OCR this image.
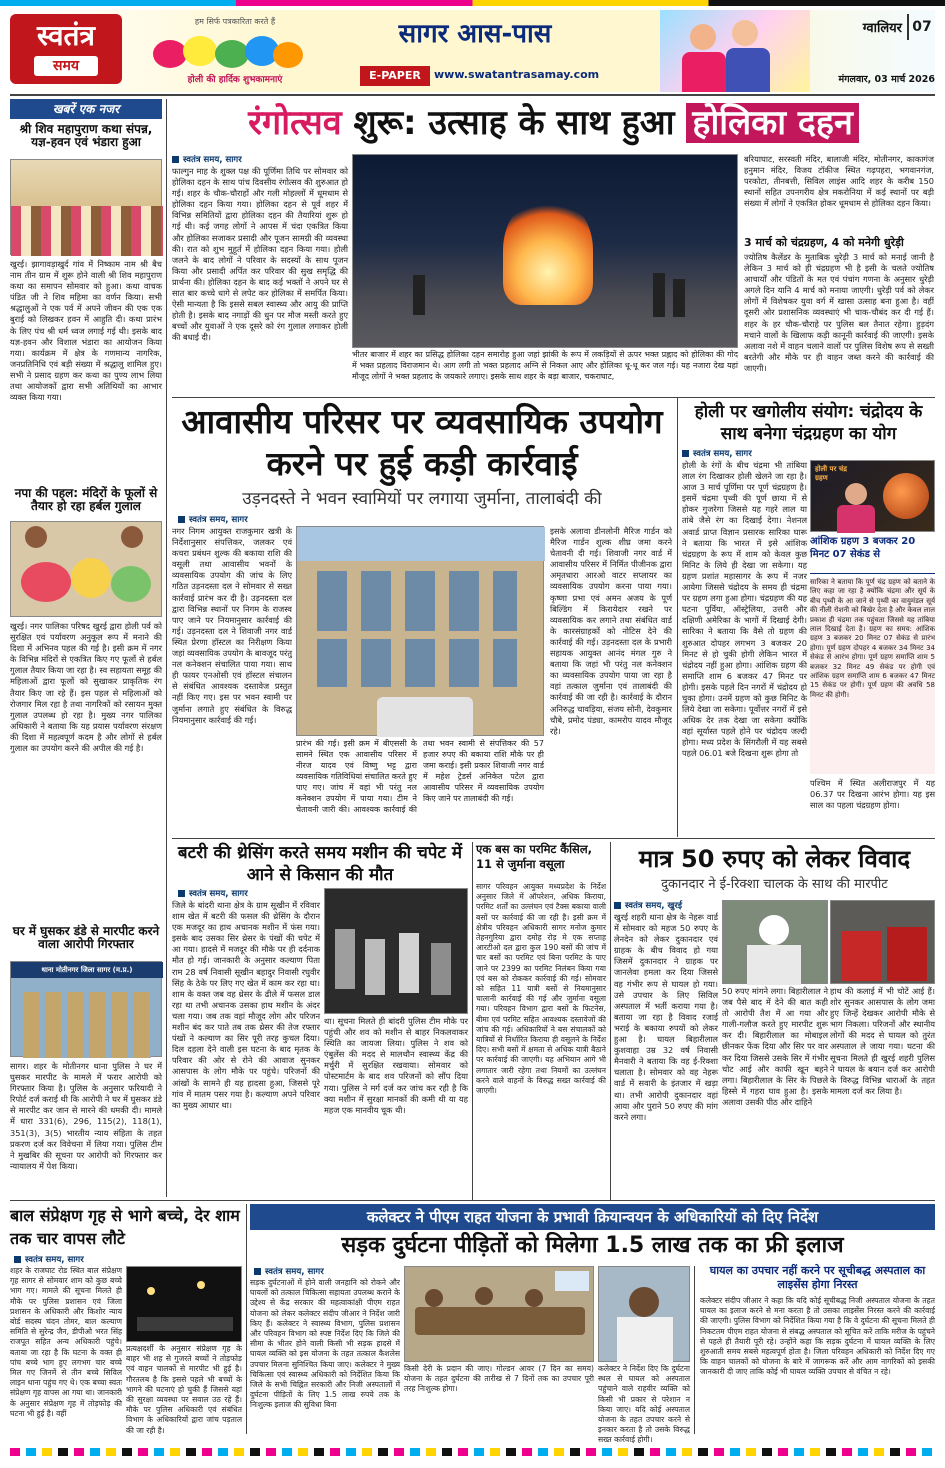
स्वतंत्र
समय
हम सिर्फ पत्रकारिता करते हैं
होली की हार्दिक शुभकामनाएं
सागर आस-पास
E-PAPER	www.swatantrasamay.com
ग्वालियर 07
मंगलवार, 03 मार्च 2026
खबरें एक नजर
श्री शिव महापुराण कथा संपन्न, यज्ञ-हवन एवं भंडारा हुआ
खुरई। झागावड़ाखुर्द गांव में निष्काम नाम श्री बैच नाम तीन ग्राम में शुरू होने वाली श्री शिव महापुराण कथा का समापन सोमवार को हुआ। कथा वाचक पंडित जी ने शिव महिमा का वर्णन किया। सभी श्रद्धालुओं ने एक पर्व में अपने जीवन की एक एक बुराई को लिखकर हवन में आहुति दी। कथा प्रारंभ के लिए पंच श्री धर्म ध्वज लगाई गई थी। इसके बाद यज्ञ-हवन और विशाल भंडारा का आयोजन किया गया। कार्यक्रम में क्षेत्र के गणमान्य नागरिक, जनप्रतिनिधि एवं बड़ी संख्या में श्रद्धालु शामिल हुए। सभी ने प्रसाद ग्रहण कर कथा का पुण्य लाभ लिया तथा आयोजकों द्वारा सभी अतिथियों का आभार व्यक्त किया गया।
नपा की पहल: मंदिरों के फूलों से तैयार हो रहा हर्बल गुलाल
खुरई। नगर पालिका परिषद खुरई द्वारा होली पर्व को सुरक्षित एवं पर्यावरण अनुकूल रूप में मनाने की दिशा में अभिनव पहल की गई है। इसी क्रम में नगर के विभिन्न मंदिरों से एकत्रित किए गए फूलों से हर्बल गुलाल तैयार किया जा रहा है। स्व सहायता समूह की महिलाओं द्वारा फूलों को सुखाकर प्राकृतिक रंग तैयार किए जा रहे हैं। इस पहल से महिलाओं को रोजगार मिल रहा है तथा नागरिकों को रसायन मुक्त गुलाल उपलब्ध हो रहा है। मुख्य नगर पालिका अधिकारी ने बताया कि यह प्रयास पर्यावरण संरक्षण की दिशा में महत्वपूर्ण कदम है और लोगों से हर्बल गुलाल का उपयोग करने की अपील की गई है।
घर में घुसकर डंडे से मारपीट करने वाला आरोपी गिरफ्तार
थाना मोतीनगर जिला सागर (म.प्र.)
सागर। शहर के मोतीनगर थाना पुलिस ने घर में घुसकर मारपीट के मामले में फरार आरोपी को गिरफ्तार किया है। पुलिस के अनुसार फरियादी ने रिपोर्ट दर्ज कराई थी कि आरोपी ने घर में घुसकर डंडे से मारपीट कर जान से मारने की धमकी दी। मामले में धारा 331(6), 296, 115(2), 118(1), 351(3), 3(5) भारतीय न्याय संहिता के तहत प्रकरण दर्ज कर विवेचना में लिया गया। पुलिस टीम ने मुखबिर की सूचना पर आरोपी को गिरफ्तार कर न्यायालय में पेश किया।
रंगोत्सव शुरू: उत्साह के साथ हुआ होलिका दहन
स्वतंत्र समय, सागर
फाल्गुन माह के शुक्ल पक्ष की पूर्णिमा तिथि पर सोमवार को होलिका दहन के साथ पांच दिवसीय रंगोत्सव की शुरुआत हो गई। शहर के चौक-चौराहों और गली मोहल्लों में धूमधाम से होलिका दहन किया गया। होलिका दहन से पूर्व शहर में विभिन्न समितियों द्वारा होलिका दहन की तैयारियां शुरू हो गई थी। कई जगह लोगों ने आपस में चंदा एकत्रित किया और होलिका सजाकर प्रसादी और पूजन सामग्री की व्यवस्था की। रात को शुभ मुहूर्त में होलिका दहन किया गया। होली जलने के बाद लोगों ने परिवार के सदस्यों के साथ पूजन किया और प्रसादी अर्पित कर परिवार की सुख समृद्धि की प्रार्थना की। होलिका दहन के बाद कई भक्तों ने अपने घर से सात बार कच्चे धागे से लपेट कर होलिका में समर्पित किया। ऐसी मान्यता है कि इससे सबल स्वास्थ्य और आयु की प्राप्ति होती है। इसके बाद नगाड़ों की धुन पर मौज मस्ती करते हुए बच्चों और युवाओं ने एक दूसरे को रंग गुलाल लगाकर होली की बधाई दी।
भीतर बाजार में शहर का प्रसिद्ध होलिका दहन समारोह हुआ जहां झांकी के रूप में लकड़ियों से ऊपर भक्त प्रह्लाद को होलिका की गोद में भक्त प्रहलाद विराजमान थे। आग लगी तो भक्त प्रहलाद अग्नि से निकल आए और होलिका धू-धू कर जल गई। यह नजारा देख यहां मौजूद लोगों ने भक्त प्रहलाद के जयकारे लगाए। इसके साथ शहर के बड़ा बाजार, चकराघाट,
बरियाघाट, सरस्वती मंदिर, बालाजी मंदिर, मोतीनगर, काकागंज हनुमान मंदिर, विजय टॉकीज स्थित गढ़पहरा, भगवानगंज, परकोटा, तीनबत्ती, सिविल लाइंस आदि शहर के करीब 150 स्थानों सहित उपनगरीय क्षेत्र मकरोनिया में कई स्थानों पर बड़ी संख्या में लोगों ने एकत्रित होकर धूमधाम से होलिका दहन किया।
3 मार्च को चंद्रग्रहण, 4 को मनेगी धुरेड़ी
ज्योतिष कैलेंडर के मुताबिक धुरेड़ी 3 मार्च को मनाई जानी है लेकिन 3 मार्च को ही चंद्रग्रहण भी है इसी के चलते ज्योतिष आचार्यों और पंडितों के मत एवं पंचांग गणना के अनुसार धुरेड़ी अगले दिन यानि 4 मार्च को मनाया जाएगी। धुरेड़ी पर्व को लेकर लोगों में विशेषकर युवा वर्ग में खासा उत्साह बना हुआ है। वहीं दूसरी ओर प्रशासनिक व्यवस्थाएं भी चाक-चौबंद कर दी गई हैं। शहर के हर चौक-चौराहे पर पुलिस बल तैनात रहेगा। हुड़दंग मचाने वालों के खिलाफ कड़ी कानूनी कार्रवाई की जाएगी। इसके अलावा नशे में वाहन चलाने वालों पर पुलिस विशेष रूप से सख्ती बरतेगी और मौके पर ही वाहन जब्त करने की कार्रवाई की जाएगी।
आवासीय परिसर पर व्यवसायिक उपयोग करने पर हुई कड़ी कार्रवाई
उड़नदस्ते ने भवन स्वामियों पर लगाया जुर्माना, तालाबंदी की
स्वतंत्र समय, सागर
नगर निगम आयुक्त राजकुमार खत्री के निर्देशानुसार संपत्तिकर, जलकर एवं कचरा प्रबंधन शुल्क की बकाया राशि की वसूली तथा आवासीय भवनों के व्यवसायिक उपयोग की जांच के लिए गठित उड़नदस्ता दल ने सोमवार से सख्त कार्रवाई प्रारंभ कर दी है। उड़नदस्ता दल द्वारा विभिन्न स्थानों पर निगम के राजस्व पाए जाने पर नियमानुसार कार्रवाई की गई। उड़नदस्ता दल ने शिवाजी नगर वार्ड स्थित प्रेरणा हॉस्टल का निरीक्षण किया जहां व्यवसायिक उपयोग के बावजूद परंतु नल कनेक्शन संचालित पाया गया। साथ ही फायर एनओसी एवं हॉस्टल संचालन से संबंधित आवश्यक दस्तावेज प्रस्तुत नहीं किए गए। इस पर भवन स्वामी पर जुर्माना लगाते हुए संबंधित के विरुद्ध नियमानुसार कार्रवाई की गई।
प्रारंभ की गई। इसी क्रम में बीएससी के सामने स्थित एक आवासीय परिसर में नीरज यादव एवं विष्णु भट्ट द्वारा व्यवसायिक गतिविधियां संचालित करते हुए पाए गए। जांच में वहां भी परंतु नल कनेक्शन उपयोग में पाया गया। टीम ने चेतावनी जारी की। आवश्यक कार्रवाई की तथा भवन स्वामी से संपत्तिकर की 57 हजार रुपए की बकाया राशि मौके पर ही जमा कराई। इसी प्रकार शिवाजी नगर वार्ड में महेश ट्रेडर्स अनिकेत पटेल द्वारा आवासीय परिसर में व्यवसायिक उपयोग किए जाने पर तालाबंदी की गई।
इसके अलावा डीनलोनी मैरिज गार्डन को मैरिज गार्डन शुल्क शीघ्र जमा करने चेतावनी दी गई। शिवाजी नगर वार्ड में आवासीय परिसर में निर्मित पीजीनक द्वारा अमृतधारा आरओ वाटर सप्लायर का व्यवसायिक उपयोग करना पाया गया। कृष्णा प्रभा एवं अमन अजय के पूर्ण बिल्डिंग में किरायेदार रखने पर व्यवसायिक कर लगाने तथा संबंधित वार्ड के कारसंग्राहकों को नोटिस देने की कार्रवाई की गई। उड़नदस्ता दल के प्रभारी सहायक आयुक्त आनंद मंगल गुरु ने बताया कि जहां भी परंतु नल कनेक्शन का व्यवसायिक उपयोग पाया जा रहा है वहां तत्काल जुर्माना एवं तालाबंदी की कार्रवाई की जा रही है। कार्रवाई के दौरान अनिरुद्ध चावड़िया, संजय सोनी, देवकुमार चौबे, प्रमोद पंड्या, कामरोप यादव मौजूद रहे।
होली पर खगोलीय संयोग: चंद्रोदय के साथ बनेगा चंद्रग्रहण का योग
स्वतंत्र समय, सागर
होली के रंगों के बीच चंद्रमा भी तांबिया लाल रंग दिखाकर होली खेलने जा रहा है। आज 3 मार्च पूर्णिमा पर पूर्ण चंद्रग्रहण है। इसमें चंद्रमा पृथ्वी की पूर्ण छाया में से होकर गुजरेगा जिससे यह गहरे लाल या तांबे जैसे रंग का दिखाई देगा। नेशनल अवार्ड प्राप्त विज्ञान प्रसारक सारिका घारू ने बताया कि भारत में इसे आंशिक चंद्रग्रहण के रूप में शाम को केवल कुछ मिनिट के लिये ही देखा जा सकेगा। यह ग्रहण प्रशांत महासागर के रूप में नजर आयेगा जिससे चंद्रोदय के समय ही चंद्रमा पर ग्रहण लगा हुआ होगा। चंद्रग्रहण की यह घटना पूर्विया, ऑस्ट्रेलिया, उत्तरी और दक्षिणी अमेरिका के भागों में दिखाई देगी। सारिका ने बताया कि वैसे तो ग्रहण की शुरुआत दोपहर लगभग 3 बजकर 20 मिनट से हो चुकी होगी लेकिन भारत में चंद्रोदय नहीं हुआ होगा। आंशिक ग्रहण की समाप्ति शाम 6 बजकर 47 मिनट पर होगी। इसके पहले दिन नगरों में चंद्रोदय हो चुका होगा। उनमें ग्रहण को कुछ मिनिट के लिये देखा जा सकेगा। पूर्वोत्तर नगरों में इसे अधिक देर तक देखा जा सकेगा क्योंकि वहां सूर्यास्त पहले होने पर चंद्रोदय जल्दी होगा। मध्य प्रदेश के सिंगरौली में यह सबसे पहले 06.01 बजे दिखना शुरू होगा तो
होली पर चंद्र ग्रहण
आंशिक ग्रहण 3 बजकर 20 मिनट 07 सेकंड से
सारिका ने बताया कि पूर्ण चंद्र ग्रहण को बताने के लिए कहा जा रहा है क्योंकि चंद्रमा और सूर्य के बीच पृथ्वी के आ जाने से पृथ्वी का वायुमंडल सूर्य की नीली रोशनी को बिखेर देता है और केवल लाल प्रकाश ही चंद्रमा तक पहुंचता जिससे यह तांबिया लाल दिखाई देता है। ग्रहण का समय: आंशिक ग्रहण 3 बजकर 20 मिनट 07 सेकंड से प्रारंभ होगा। पूर्ण ग्रहण दोपहर 4 बजकर 34 मिनट 34 सेकंड से आरंभ होगा। पूर्ण ग्रहण समाप्ति शाम 5 बजकर 32 मिनट 49 सेकंड पर होगी एवं आंशिक ग्रहण समाप्ति शाम 6 बजकर 47 मिनट 15 सेकंड पर होगी। पूर्ण ग्रहण की अवधि 58 मिनट की होगी।
पश्चिम में स्थित अलीराजपुर में यह 06.37 पर दिखना आरंभ होगा। यह इस साल का पहला चंद्रग्रहण होगा।
बटरी की थ्रेसिंग करते समय मशीन की चपेट में आने से किसान की मौत
स्वतंत्र समय, सागर
जिले के बांदरी थाना क्षेत्र के ग्राम सूखीन में रविवार शाम खेत में बटरी की फसल की थ्रेसिंग के दौरान एक मजदूर का हाथ अचानक मशीन में फंस गया। इसके बाद उसका सिर थ्रेसर के पंखों की चपेट में आ गया। हादसे में मजदूर की मौके पर ही दर्दनाक मौत हो गई। जानकारी के अनुसार कल्याण पिता राम 28 वर्ष निवासी सूखीन बहादुर निवासी रघुवीर सिंह के ठेके पर लिए गए खेत में काम कर रहा था। शाम के वक्त जब वह थ्रेसर के ढीले में फसल डाल रहा था तभी अचानक उसका हाथ मशीन के अंदर चला गया। जब तक वहां मौजूद लोग और परिजन मशीन बंद कर पाते तब तक थ्रेसर की तेज रफ्तार पंखों ने कल्याण का सिर पूरी तरह कुचल दिया। दिल दहला देने वाली इस घटना के बाद मृतक के परिवार की ओर से रोने की आवाज सुनकर आसपास के लोग मौके पर पहुंचे। परिजनों की आंखों के सामने ही यह हादसा हुआ, जिससे पूरे गांव में मातम पसर गया है। कल्याण अपने परिवार का मुख्य आधार था।
था। सूचना मिलते ही बांदरी पुलिस टीम मौके पर पहुंची और शव को मशीन से बाहर निकलवाकर स्थिति का जायजा लिया। पुलिस ने शव को एंबुलेंस की मदद से मालथौन स्वास्थ्य केंद्र की मर्चुरी में सुरक्षित रखवाया। सोमवार को पोस्टमार्टम के बाद शव परिजनों को सौंप दिया गया। पुलिस ने मर्ग दर्ज कर जांच कर रही है कि क्या मशीन में सुरक्षा मानकों की कमी थी या यह महज एक मानवीय चूक थी।
एक बस का परमिट कैंसिल, 11 से जुर्माना वसूला
सागर परिवहन आयुक्त मध्यप्रदेश के निर्देश अनुसार जिले में ऑपरेशन, अधिक किराया, परमिट शर्तों का उल्लंघन एवं टैक्स बकाया वाली बसों पर कार्रवाई की जा रही है। इसी क्रम में क्षेत्रीय परिवहन अधिकारी सागर मनोज कुमार तेहनगुरिया द्वारा दमोह रोड़ मे एक सप्ताह आरटीओ दल द्वारा कुल 190 बसों की जांच में चार बसों का परमिट एवं बिना परमिट के पाए जाने पर 2399 का परमिट निलंबन किया गया एवं बस को रोककर कार्रवाई की गई। सोमवार को सहित 11 यात्री बसों से नियमानुसार चालानी कार्रवाई की गई और जुर्माना वसूला गया। परिवहन विभाग द्वारा बसों के फिटनेस, बीमा एवं परमिट सहित आवश्यक दस्तावेजों की जांच की गई। अधिकारियों ने बस संचालकों को यात्रियों से निर्धारित किराया ही वसूलने के निर्देश दिए। सभी बसों में क्षमता से अधिक यात्री बैठाने पर कार्रवाई की जाएगी। यह अभियान आगे भी लगातार जारी रहेगा तथा नियमों का उल्लंघन करने वाले वाहनों के विरुद्ध सख्त कार्रवाई की जाएगी।
मात्र 50 रुपए को लेकर विवाद
दुकानदार ने ई-रिक्शा चालक के साथ की मारपीट
स्वतंत्र समय, खुरई
खुरई शहरी थाना क्षेत्र के नेहरू वार्ड में सोमवार को महज 50 रुपए के लेनदेन को लेकर दुकानदार एवं ग्राहक के बीच विवाद हो गया जिसमें दुकानदार ने ग्राहक पर जानलेवा हमला कर दिया जिससे वह गंभीर रूप से घायल हो गया। उसे उपचार के लिए सिविल अस्पताल में भर्ती कराया गया है। बताया जा रहा है विवाद रजाई भराई के बकाया रुपयों को लेकर हुआ है। घायल बिहारीलाल कुशवाहा उम्र 32 वर्ष निवासी मैनवारी ने बताया कि वह ई-रिक्शा चलाता है। सोमवार को वह नेहरू वार्ड में सवारी के इंतजार में खड़ा था। तभी आरोपी दुकानदार वहां आया और पुराने 50 रुपए की मांग करने लगा।
50 रुपए मांगने लगा। बिहारीलाल ने जब पैसे बाद में देने की बात कही तो आरोपी तैश में आ गया और गाली-गलौज करते हुए मारपीट शुरू कर दी। बिहारीलाल का मोबाइल छीनकर फेंक दिया और सिर पर वार कर दिया जिससे उसके सिर में गंभीर चोट आई और काफी खून बहने लगा। बिहारीलाल के सिर के पिछले हिस्से में गहरा घाव हुआ है। इसके अलावा उसकी पीठ और दाहिने
हाथ की कलाई में भी चोटें आई हैं। शोर सुनकर आसपास के लोग जमा हुए जिन्हें देखकर आरोपी मौके से भाग निकला। परिजनों और स्थानीय लोगों की मदद से घायल को तुरंत अस्पताल ले जाया गया। घटना की सूचना मिलते ही खुरई शहरी पुलिस ने घायल के बयान दर्ज कर आरोपी के विरुद्ध विभिन्न धाराओं के तहत मामला दर्ज कर लिया है।
बाल संप्रेक्षण गृह से भागे बच्चे, देर शाम तक चार वापस लौटे
स्वतंत्र समय, सागर
शहर के राजघाट रोड स्थित बाल संप्रेक्षण गृह सागर से सोमवार शाम को कुछ बच्चे भाग गए। मामले की सूचना मिलते ही मौके पर पुलिस प्रशासन एवं जिला प्रशासन के अधिकारी और किशोर न्याय बोर्ड सदस्य चंदन तोमर, बाल कल्याण समिति से सुरेन्द्र जैन, डीपीओ भरत सिंह राजपूत सहित अन्य अधिकारी पहुंचे। बताया जा रहा है कि घटना के वक्त ही पांच बच्चे भाग हुए लगभग चार बच्चे मिल गए जिनमें से तीन बच्चे सिविल लाइन थाना पहुंच गए थे। एक बच्चा स्वतः संप्रेक्षण गृह वापस आ गया था। जानकारी के अनुसार संप्रेक्षण गृह में तोड़फोड़ की घटना भी हुई है। वहीं
प्रत्यक्षदर्शी के अनुसार संप्रेक्षण गृह के बाहर भी शह से गुजरते बच्चों ने तोड़फोड़ एवं वाहन चालकों से मारपीट भी हुई है। गौरतलब है कि इससे पहले भी बच्चों के भागने की घटनाएं हो चुकी हैं जिससे यहां की सुरक्षा व्यवस्था पर सवाल उठ रहे हैं। मौके पर पुलिस अधिकारी एवं संबंधित विभाग के अधिकारियों द्वारा जांच पड़ताल की जा रही है।
कलेक्टर ने पीएम राहत योजना के प्रभावी क्रियान्वयन के अधिकारियों को दिए निर्देश
सड़क दुर्घटना पीड़ितों को मिलेगा 1.5 लाख तक का फ्री इलाज
स्वतंत्र समय, सागर
सड़क दुर्घटनाओं में होने वाली जनहानि को रोकने और घायलों को तत्काल चिकित्सा सहायता उपलब्ध कराने के उद्देश्य से केंद्र सरकार की महत्वाकांक्षी पीएम राहत योजना को लेकर कलेक्टर संदीप जीआर ने निर्देश जारी किए हैं। कलेक्टर ने स्वास्थ्य विभाग, पुलिस प्रशासन और परिवहन विभाग को स्पष्ट निर्देश दिए कि जिले की सीमा के भीतर होने वाली किसी भी सड़क हादसे में घायल व्यक्ति को इस योजना के तहत तत्काल कैशलेस उपचार मिलना सुनिश्चित किया जाए। कलेक्टर ने मुख्य चिकित्सा एवं स्वास्थ्य अधिकारी को निर्देशित किया कि जिले के सभी चिह्नित सरकारी और निजी अस्पतालों में दुर्घटना पीड़ितों के लिए 1.5 लाख रुपये तक के निःशुल्क इलाज की सुविधा बिना
किसी देरी के प्रदान की जाए। गोल्डन आवर (7 दिन का समय) योजना के तहत दुर्घटना की तारीख से 7 दिनों तक का उपचार पूरी तरह निःशुल्क होगा।
कलेक्टर ने निर्देश दिए कि दुर्घटना स्थल से घायल को अस्पताल पहुंचाने वाले राहवीर व्यक्ति को किसी भी प्रकार से परेशान न किया जाए। यदि कोई अस्पताल योजना के तहत उपचार करने से इनकार करता है तो उसके विरुद्ध सख्त कार्रवाई होगी।
घायल का उपचार नहीं करने पर सूचीबद्ध अस्पताल का लाइसेंस होगा निरस्त
कलेक्टर संदीप जीआर ने कहा कि यदि कोई सूचीबद्ध निजी अस्पताल योजना के तहत घायल का इलाज करने से मना करता है तो उसका लाइसेंस निरस्त करने की कार्रवाई की जाएगी। पुलिस विभाग को निर्देशित किया गया है कि वे दुर्घटना की सूचना मिलते ही निकटतम पीएम राहत योजना से संबद्ध अस्पताल को सूचित करें ताकि मरीज के पहुंचने से पहले ही तैयारी पूरी रहे। उन्होंने कहा कि सड़क दुर्घटना में घायल व्यक्ति के लिए शुरुआती समय सबसे महत्वपूर्ण होता है। जिला परिवहन अधिकारी को निर्देश दिए गए कि वाहन चालकों को योजना के बारे में जागरूक करें और आम नागरिकों को इसकी जानकारी दी जाए ताकि कोई भी घायल व्यक्ति उपचार से वंचित न रहे।
